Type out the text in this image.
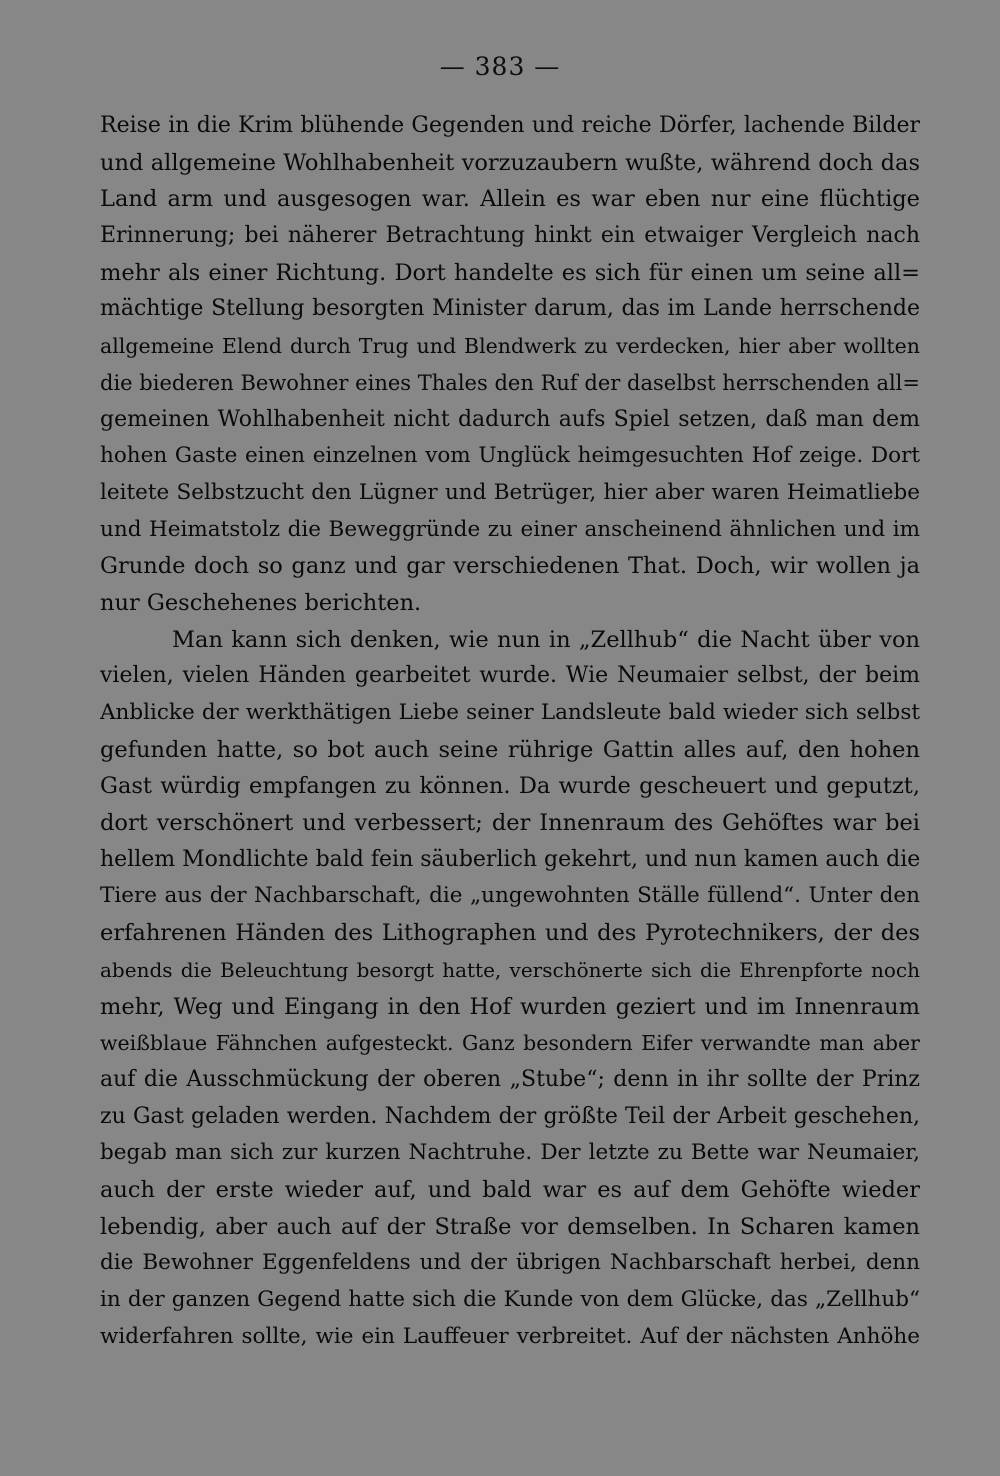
— 383 —
Reise in die Krim blühende Gegenden und reiche Dörfer, lachende Bilder
und allgemeine Wohlhabenheit vorzuzaubern wußte, während doch das
Land arm und ausgesogen war. Allein es war eben nur eine flüchtige
Erinnerung; bei näherer Betrachtung hinkt ein etwaiger Vergleich nach
mehr als einer Richtung. Dort handelte es sich für einen um seine all=
mächtige Stellung besorgten Minister darum, das im Lande herrschende
allgemeine Elend durch Trug und Blendwerk zu verdecken, hier aber wollten
die biederen Bewohner eines Thales den Ruf der daselbst herrschenden all=
gemeinen Wohlhabenheit nicht dadurch aufs Spiel setzen, daß man dem
hohen Gaste einen einzelnen vom Unglück heimgesuchten Hof zeige. Dort
leitete Selbstzucht den Lügner und Betrüger, hier aber waren Heimatliebe
und Heimatstolz die Beweggründe zu einer anscheinend ähnlichen und im
Grunde doch so ganz und gar verschiedenen That. Doch, wir wollen ja
nur Geschehenes berichten.
Man kann sich denken, wie nun in „Zellhub“ die Nacht über von
vielen, vielen Händen gearbeitet wurde. Wie Neumaier selbst, der beim
Anblicke der werkthätigen Liebe seiner Landsleute bald wieder sich selbst
gefunden hatte, so bot auch seine rührige Gattin alles auf, den hohen
Gast würdig empfangen zu können. Da wurde gescheuert und geputzt,
dort verschönert und verbessert; der Innenraum des Gehöftes war bei
hellem Mondlichte bald fein säuberlich gekehrt, und nun kamen auch die
Tiere aus der Nachbarschaft, die „ungewohnten Ställe füllend“. Unter den
erfahrenen Händen des Lithographen und des Pyrotechnikers, der des
abends die Beleuchtung besorgt hatte, verschönerte sich die Ehrenpforte noch
mehr, Weg und Eingang in den Hof wurden geziert und im Innenraum
weißblaue Fähnchen aufgesteckt. Ganz besondern Eifer verwandte man aber
auf die Ausschmückung der oberen „Stube“; denn in ihr sollte der Prinz
zu Gast geladen werden. Nachdem der größte Teil der Arbeit geschehen,
begab man sich zur kurzen Nachtruhe. Der letzte zu Bette war Neumaier,
auch der erste wieder auf, und bald war es auf dem Gehöfte wieder
lebendig, aber auch auf der Straße vor demselben. In Scharen kamen
die Bewohner Eggenfeldens und der übrigen Nachbarschaft herbei, denn
in der ganzen Gegend hatte sich die Kunde von dem Glücke, das „Zellhub“
widerfahren sollte, wie ein Lauffeuer verbreitet. Auf der nächsten Anhöhe
